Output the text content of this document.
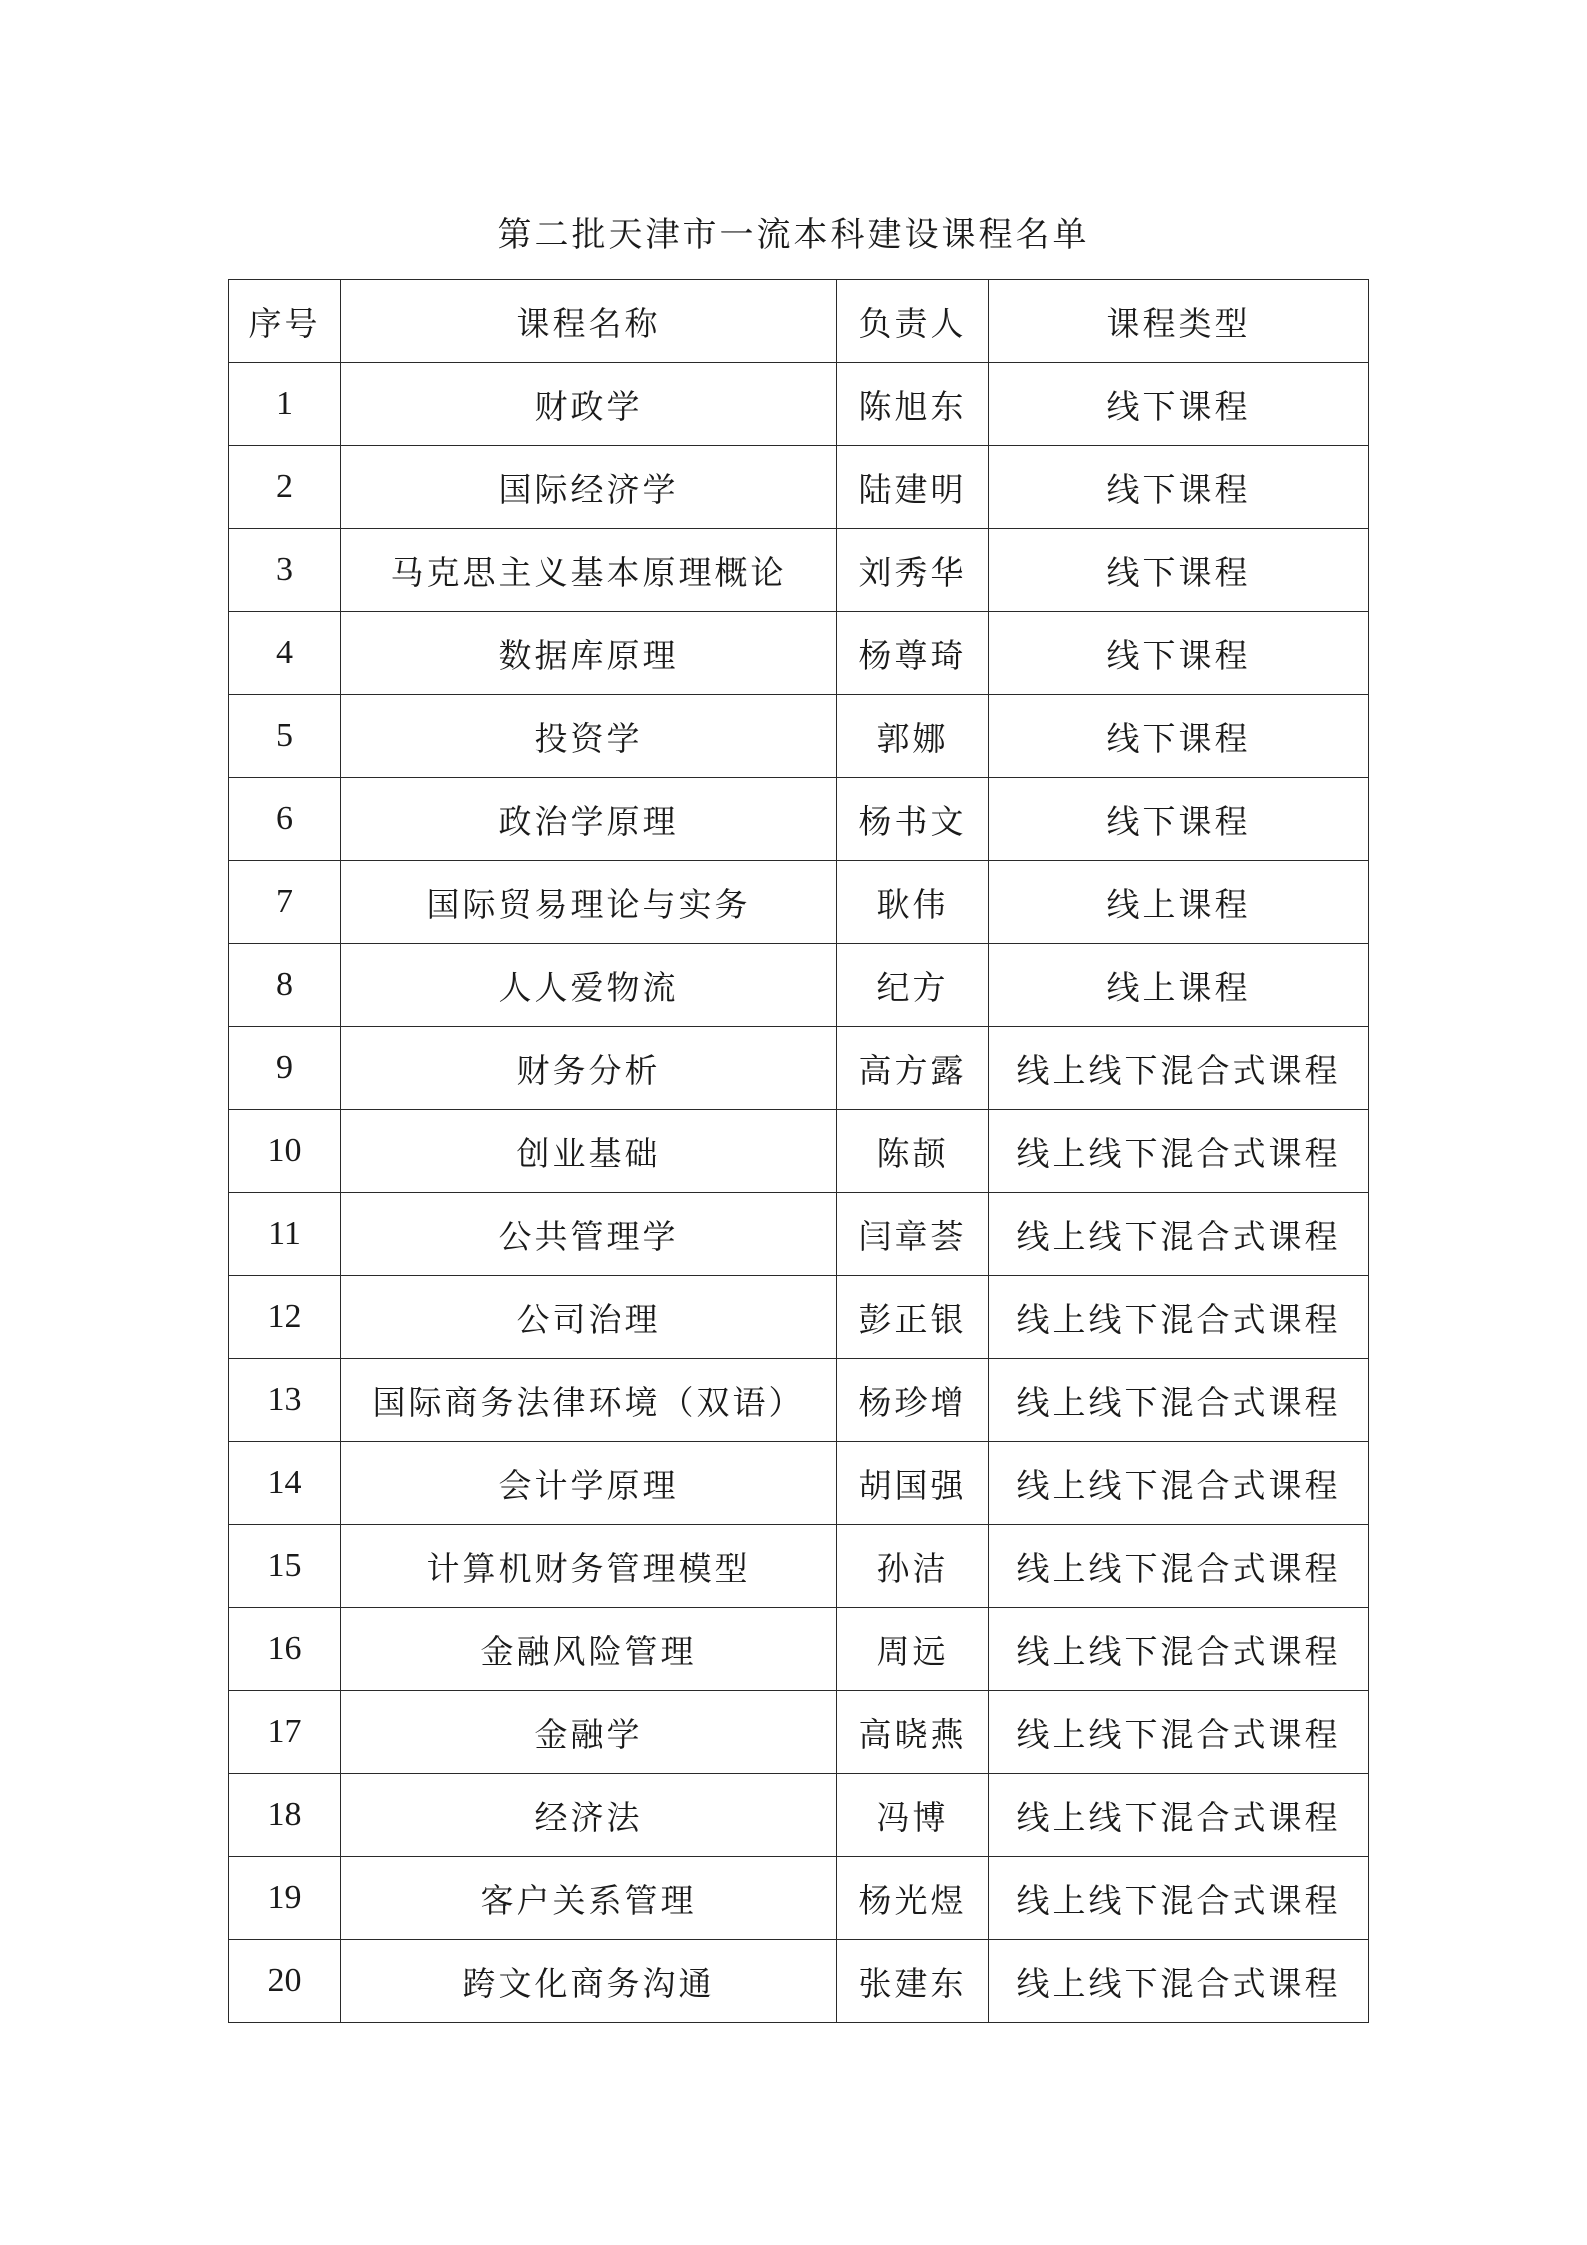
第二批天津市一流本科建设课程名单
序号	课程名称	负责人	课程类型
1	财政学	陈旭东	线下课程
2	国际经济学	陆建明	线下课程
3	马克思主义基本原理概论	刘秀华	线下课程
4	数据库原理	杨尊琦	线下课程
5	投资学	郭娜	线下课程
6	政治学原理	杨书文	线下课程
7	国际贸易理论与实务	耿伟	线上课程
8	人人爱物流	纪方	线上课程
9	财务分析	高方露	线上线下混合式课程
10	创业基础	陈颉	线上线下混合式课程
11	公共管理学	闫章荟	线上线下混合式课程
12	公司治理	彭正银	线上线下混合式课程
13	国际商务法律环境（双语）	杨珍增	线上线下混合式课程
14	会计学原理	胡国强	线上线下混合式课程
15	计算机财务管理模型	孙洁	线上线下混合式课程
16	金融风险管理	周远	线上线下混合式课程
17	金融学	高晓燕	线上线下混合式课程
18	经济法	冯博	线上线下混合式课程
19	客户关系管理	杨光煜	线上线下混合式课程
20	跨文化商务沟通	张建东	线上线下混合式课程
